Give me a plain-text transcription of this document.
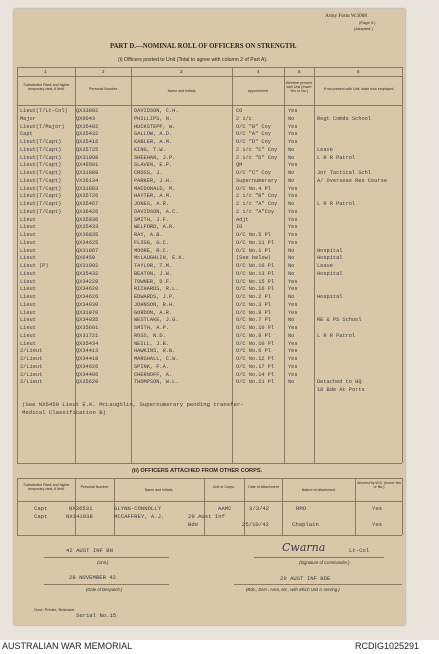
Army Form W.3008
(Page 3.)
(Adapted.)
PART D.—NOMINAL ROLL OF OFFICERS ON STRENGTH.
(i) Officers posted to Unit (Total to agree with column 2 of Part A).
1	2	3	4	5	6
Substantive Rank and higher temporary rank, if held.	Personal Number.	Name and Initials.	Appointment
Whether present with Unit (Insert Yes or No.)
If not present with Unit, state how employed.
Lieut(T/Lt-Col)	QX33882	DAVIDSON, C.H.	CO	Yes
Major	QX6043	PHILLIPS, N.	2 i/c	No	Regt Comds School
Lieut(T/Major)	QX35402	HUCKSTEPP, W.	O/C "B" Coy	Yes
Capt	QX35432	GALLOW, A.D.	O/C "A" Coy	Yes
Lieut(T/Capt)	QX35416	KABLER, A.M.	O/C "D" Coy	Yes
Lieut(T/Capt)	QX35725	KING, T.W.	2 i/c "C" Coy	No	Leave
Lieut(T/Capt)	QX31908	SHEEHAN, J.P.	2 i/c "D" Coy	No	L R R Patrol
Lieut(T/Capt)	QX46501	SLAVEN, E.P.	QM	Yes
Lieut(T/Capt)	QX31889	CROSS, J.	O/C "C" Coy	No	Jnr Tactical Schl
Lieut(T/Capt)	VX36134	PARKER, J.H.	Supernumerary	No	A/ Overseas Res Course
Lieut(T/Capt)	QX31883	MACDONALD, M.	O/C No.4 Pl	Yes
Lieut(T/Capt)	QX35726	HAYTER, A.M.	2 i/c "B" Coy	Yes
Lieut(T/Capt)	QX35467	JONES, A.R.	2 i/c "A" Coy	No	L R R Patrol
Lieut(T/Capt)	QX36426	DAVIDSON, A.C.	2 i/c "A"Coy	Yes
Lieut	QX35836	SMITH, J.F.	Adjt	Yes
Lieut	QX35433	WELFORD, A.R.	IO	Yes
Lieut	QX36835	RAY, A.B.	O/C No.5 Pl	Yes
Lieut	QX34625	FLIGG, G.C.	O/C No.11 Pl	Yes
Lieut	QX31967	MOORE, R.C.	O/C No.1 Pl	No	Hospital
Lieut	QX6459	McLAUGHLIN, E.K.	(See below)	No	Hospital
Lieut (P)	QX31902	TAYLOR, T.M.	O/C No.16 Pl	No	Leave
Lieut	QX35432	BEATON, J.W.	O/C No.13 Pl	No	Hospital
Lieut	QX34228	TOWNER, D.F.	O/C No.15 Pl	Yes
Lieut	QX34620	RICHARDS, R.L.	O/C No.16 Pl	Yes
Lieut	QX34626	EDWARDS, J.P.	O/C No.2 Pl	No	Hospital
Lieut	QX34030	JOHNSON, R.H.	O/C No.3 Pl	Yes
Lieut	QX31970	GORDON, A.R.	O/C No.9 Pl	Yes
Lieut	QX34035	WESTLAKE, J.G.	O/C No.7 Pl	No	RE & PS School
Lieut	QX35601	SMITH, A.P.	O/C No.10 Pl	Yes
Lieut	QX31721	ROSS, N.D.	O/C No.8 Pl	No	L R R Patrol
Lieut	QX35434	NEILL, J.B.	O/C No.10 Pl	Yes
2/Lieut	QX34413	HAWKINS, R.B.	O/C No.6 Pl	Yes
2/Lieut	QX34418	MARSHALL, C.W.	O/C No.12 Pl	Yes
2/Lieut	QX34626	SPINK, F.A.	O/C No.17 Pl	Yes
2/Lieut	QX34406	CHERNOFF, A.	O/C No.14 Pl	Yes
2/Lieut	QX35620	THOMPSON, W.L.	O/C No.21 Pl	No	Detached to HQ
18 Bde At Ports
(See NX6459 Lieut E.K. McLaughlin, Supernumerary pending transfer-
Medical Classification B)
(ii) OFFICERS ATTACHED FROM OTHER CORPS.
Substantive Rank and higher temporary rank, if held.
Personal Number.
Name and Initials.
Unit or Corps.	Date of Attachment
Nature of attachment.
Allowed by W.E. (Insert Yes or No.)
Capt	NX36531	GLYNN-CONNOLLY	AAMC	3/3/42	RMO	Yes
Capt	NX141938	MCCAFFREY, A.J.	29 Aust Inf Bde	25/10/42	Chaplain	Yes
42 AUST INF BN
(Unit.)
28 NOVEMBER 42
(Date of Despatch.)
Cwarna	Lt-Col
(Signature of Commander.)
29 AUST INF BDE
(Bde., Divn., Area, etc., with which Unit is serving.)
Govt. Printer, Brisbane
Serial No.15
AUSTRALIAN WAR MEMORIAL	RCDIG1025291
